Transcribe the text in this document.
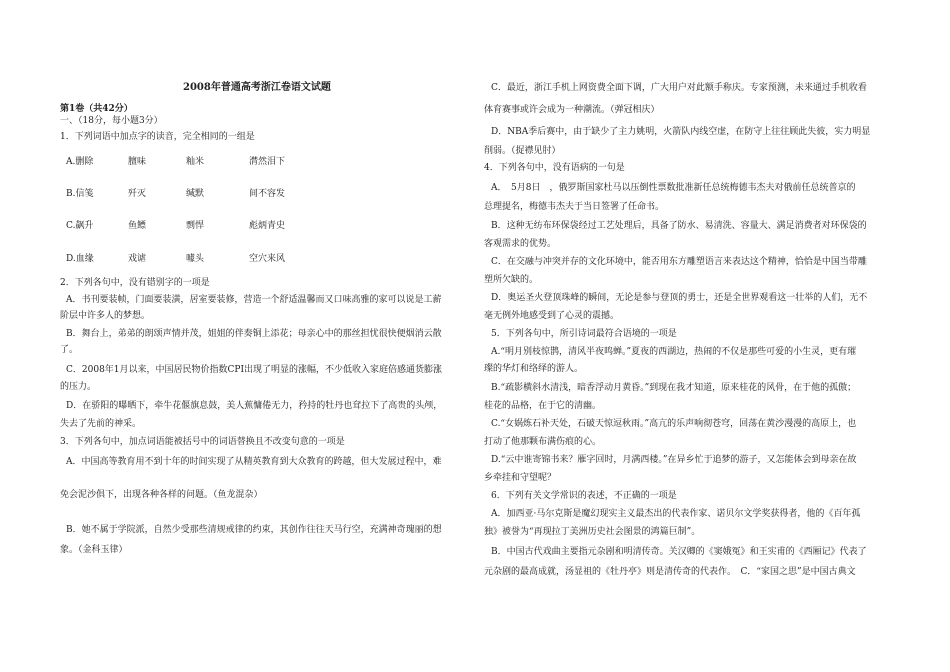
2008年普通高考浙江卷语文试题
第1卷（共42分）
一、（18分，每小题3分）
1．下列词语中加点字的读音，完全相同的一组是
A.删除	膻味	籼米	潸然泪下
B.信笺	歼灭	缄默	间不容发
C.飙升	鱼鳔	剽悍	彪炳青史
D.血缘	戏谑	噱头	空穴来风
2．下列各句中，没有错别字的一项是
A．书刊要装帧，门面要装潢，居室要装修，营造一个舒适温馨而又口味高雅的家可以说是工薪
阶层中许多人的梦想。
B．舞台上，弟弟的朗颂声情并茂，姐姐的伴奏铜上添花；母亲心中的那丝担忧很快便烟消云散
了。
C．2008年1月以来，中国居民物价指数CPI出现了明显的涨幅，不少低收入家庭倍感通货膨涨
的压力。
D．在骄阳的曝晒下，牵牛花偃旗息鼓，美人蕉慵倦无力，矜持的牡丹也耷拉下了高贵的头颅，
失去了先前的神采。
3．下列各句中，加点词语能被括号中的词语替换且不改变句意的一项是
A．中国高等教育用不到十年的时间实现了从精英教育到大众教育的跨越，但大发展过程中，难
免会泥沙俱下，出现各种各样的问题。（鱼龙混杂）
B．她不属于学院派，自然少受那些清规戒律的约束，其创作往往天马行空，充满神奇瑰丽的想
象。（金科玉律）
C．最近，浙江手机上网资费全面下调，广大用户对此额手称庆。专家预测，未来通过手机收看
体育赛事或许会成为一种潮流。（弹冠相庆）
D．NBA季后赛中，由于缺少了主力姚明，火箭队内线空虚，在防守上往往顾此失彼，实力明显
削弱。（捉襟见肘）
4．下列各句中，没有语病的一句是
A．　5月8日　，俄罗斯国家杜马以压倒性票数批准新任总统梅德韦杰夫对俄前任总统普京的
总理提名，梅德韦杰夫于当日签署了任命书。
B．这种无纺布环保袋经过工艺处理后，具备了防水、易清洗、容量大、满足消费者对环保袋的
客观需求的优势。
C．在交融与冲突并存的文化环境中，能否用东方雕塑语言来表达这个精神，恰恰是中国当带雕
塑所欠缺的。
D．奥运圣火登顶珠峰的瞬间，无论是参与登顶的勇士，还是全世界观看这一壮举的人们，无不
毫无例外地感受到了心灵的震撼。
5．下列各句中，所引诗词最符合语境的一项是
A.“明月别枝惊鹊，清风半夜鸣蝉。”夏夜的西湖边，热闹的不仅是那些可爱的小生灵，更有璀
璨的华灯和络绎的游人。
B.“疏影横斜水清浅，暗香浮动月黄昏。”到现在我才知道，原来桂花的风骨，在于他的孤傲；
桂花的品格，在于它的清幽。
C.“女娲炼石补天处，石破天惊逗秋雨。”高亢的乐声响彻苍穹，回荡在黄沙漫漫的高原上，也
打动了他那颗布满伤痕的心。
D.“云中谁寄锦书来？雁字回时，月满西楼。”在异乡忙于追梦的游子，又怎能体会到母亲在故
乡牵挂和守望呢？
6．下列有关文学常识的表述，不正确的一项是
A．加西亚·马尔克斯是魔幻现实主义最杰出的代表作家、诺贝尔文学奖获得者，他的《百年孤
独》被誉为“再现拉丁美洲历史社会图景的鸿篇巨制”。
B．中国古代戏曲主要指元杂剧和明清传奇。关汉卿的《窦娥冤》和王实甫的《西厢记》代表了
元杂剧的最高成就，汤显祖的《牡丹亭》则是清传奇的代表作。　C．“家国之思”是中国古典文
